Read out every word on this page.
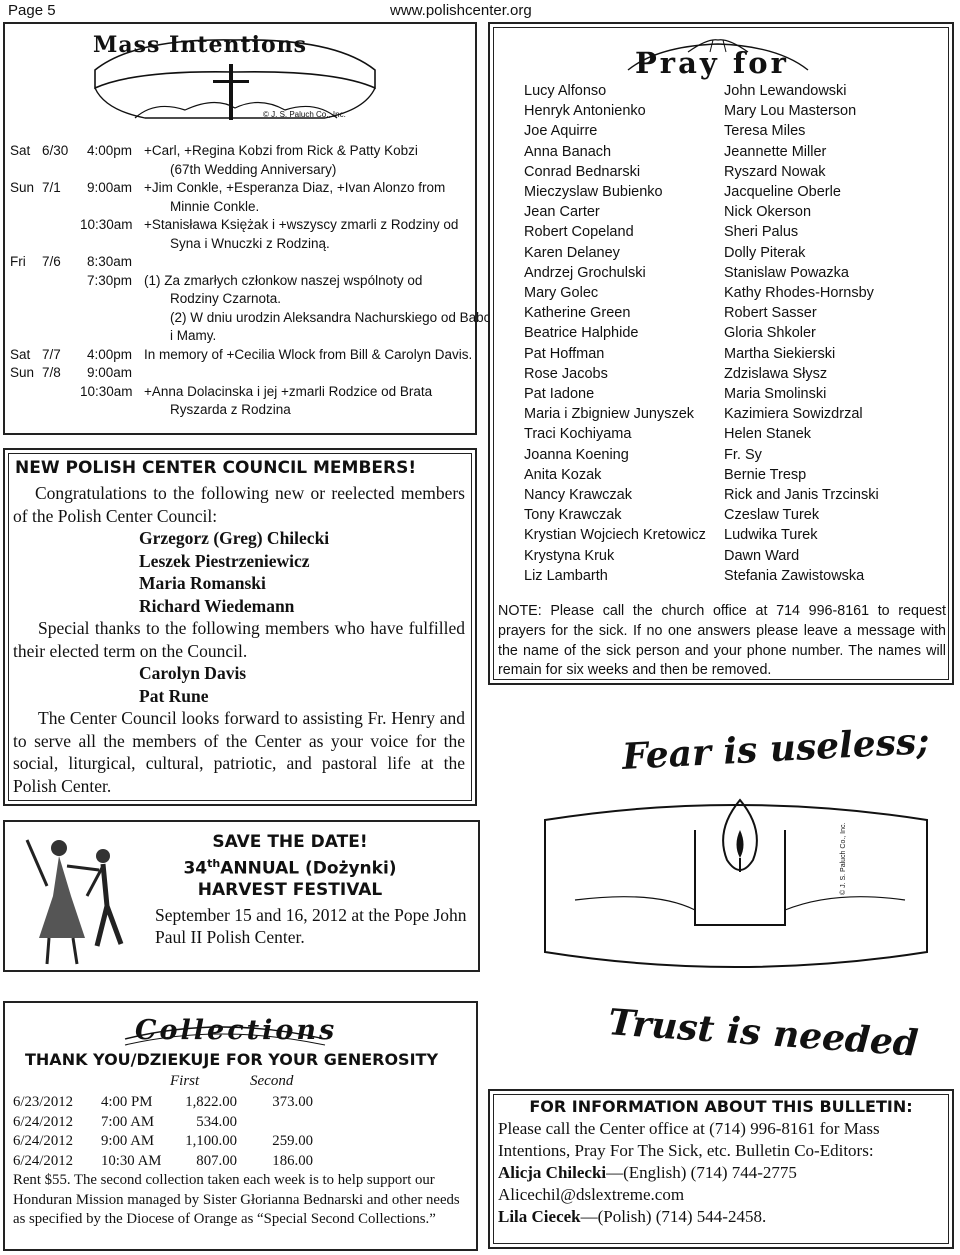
Page 5	www.polishcenter.org
Mass Intentions
© J. S. Paluch Co., Inc.
Sat 6/30	4:00pm +Carl, +Regina Kobzi from Rick & Patty Kobzi
(67th Wedding Anniversary)
Sun 7/1	9:00am +Jim Conkle, +Esperanza Diaz, +Ivan Alonzo from
Minnie Conkle.
10:30am +Stanisława Księżak i +wszyscy zmarli z Rodziny od
Syna i Wnuczki z Rodziną.
Fri 7/6	8:30am
7:30pm (1) Za zmarłych członkow naszej wspólnoty od
Rodziny Czarnota.
(2) W dniu urodzin Aleksandra Nachurskiego od Babci
i Mamy.
Sat 7/7	4:00pm In memory of +Cecilia Wlock from Bill & Carolyn Davis.
Sun 7/8	9:00am
10:30am +Anna Dolacinska i jej +zmarli Rodzice od Brata
Ryszarda z Rodzina
NEW POLISH CENTER COUNCIL MEMBERS!
Congratulations to the following new or reelected members of the Polish Center Council:
Grzegorz (Greg) Chilecki
Leszek Piestrzeniewicz
Maria Romanski
Richard Wiedemann
Special thanks to the following members who have fulfilled their elected term on the Council.
Carolyn Davis
Pat Rune
The Center Council looks forward to assisting Fr. Henry and to serve all the members of the Center as your voice for the social, liturgical, cultural, patriotic, and pastoral life at the Polish Center.
Pray for
Lucy Alfonso
Henryk Antonienko
Joe Aquirre
Anna Banach
Conrad Bednarski
Mieczyslaw Bubienko
Jean Carter
Robert Copeland
Karen Delaney
Andrzej Grochulski
Mary Golec
Katherine Green
Beatrice Halphide
Pat Hoffman
Rose Jacobs
Pat Iadone
Maria i Zbigniew Junyszek
Traci Kochiyama
Joanna Koening
Anita Kozak
Nancy Krawczak
Tony Krawczak
Krystian Wojciech Kretowicz
Krystyna Kruk
Liz Lambarth
John Lewandowski
Mary Lou Masterson
Teresa Miles
Jeannette Miller
Ryszard Nowak
Jacqueline Oberle
Nick Okerson
Sheri Palus
Dolly Piterak
Stanislaw Powazka
Kathy Rhodes-Hornsby
Robert Sasser
Gloria Shkoler
Martha Siekierski
Zdzislawa Słysz
Maria Smolinski
Kazimiera Sowizdrzal
Helen Stanek
Fr. Sy
Bernie Tresp
Rick and Janis Trzcinski
Czeslaw Turek
Ludwika Turek
Dawn Ward
Stefania Zawistowska
NOTE: Please call the church office at 714 996-8161 to request prayers for the sick. If no one answers please leave a message with the name of the sick person and your phone number. The names will remain for six weeks and then be removed.
Fear is useless;
© J. S. Paluch Co., Inc.
Trust is needed
SAVE THE DATE!
34thANNUAL (Dożynki)
HARVEST FESTIVAL
September 15 and 16, 2012 at the Pope John Paul II Polish Center.
Collections
THANK YOU/DZIEKUJE FOR YOUR GENEROSITY
First	Second
6/23/2012 4:00 PM	1,822.00	373.00
6/24/2012 7:00 AM	534.00
6/24/2012 9:00 AM	1,100.00	259.00
6/24/2012 10:30 AM	807.00	186.00
Rent $55. The second collection taken each week is to help support our Honduran Mission managed by Sister Głorianna Bednarski and other needs as specified by the Diocese of Orange as “Special Second Collections.”
FOR INFORMATION ABOUT THIS BULLETIN:
Please call the Center office at (714) 996-8161 for Mass Intentions, Pray For The Sick, etc. Bulletin Co-Editors:
Alicja Chilecki—(English) (714) 744-2775
Alicechil@dslextreme.com
Lila Ciecek—(Polish) (714) 544-2458.
